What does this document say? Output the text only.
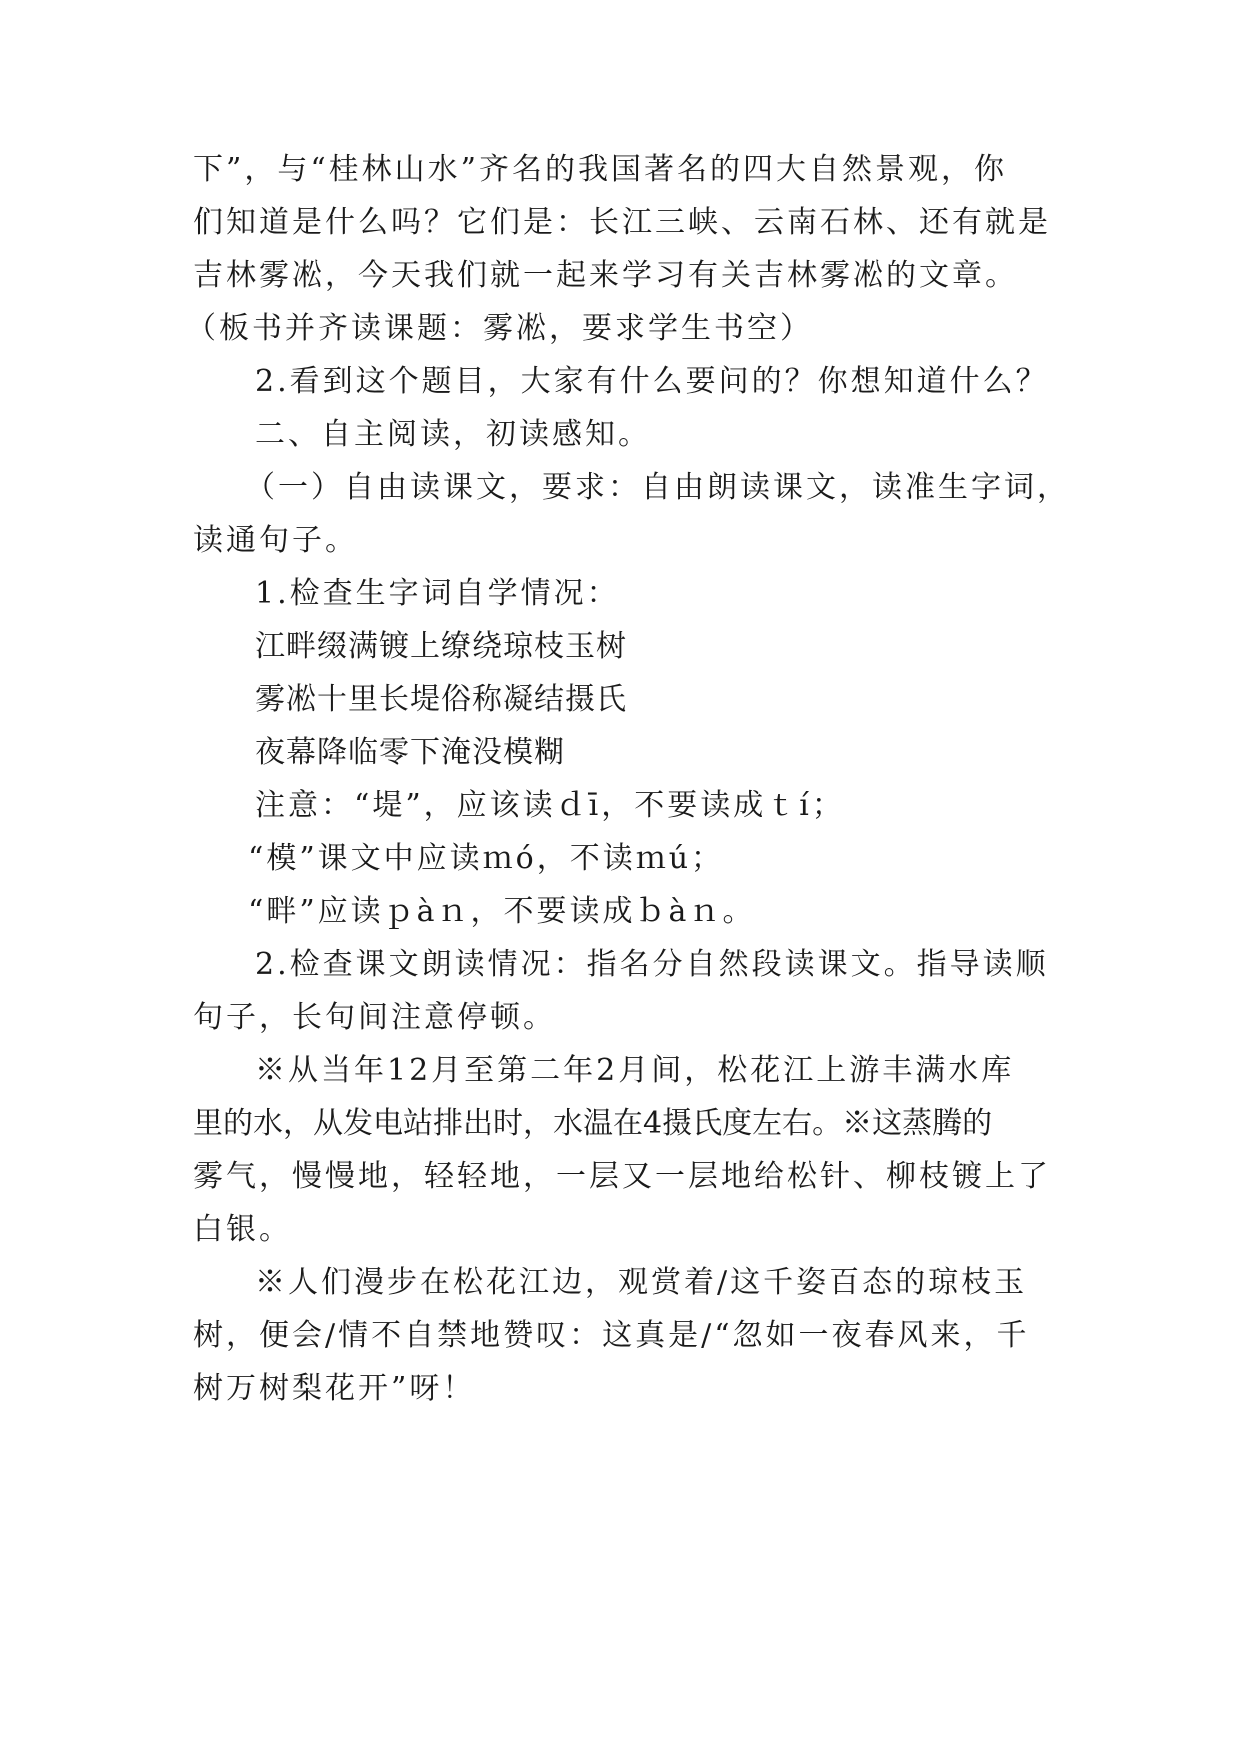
下”，与“桂林山水”齐名的我国著名的四大自然景观，你
们知道是什么吗？它们是：长江三峡、云南石林、还有就是
吉林雾凇，今天我们就一起来学习有关吉林雾凇的文章。
（板书并齐读课题：雾凇，要求学生书空）
2.看到这个题目，大家有什么要问的？你想知道什么？
二、自主阅读，初读感知。
（一）自由读课文，要求：自由朗读课文，读准生字词，
读通句子。
1.检查生字词自学情况：
江畔缀满镀上缭绕琼枝玉树
雾凇十里长堤俗称凝结摄氏
夜幕降临零下淹没模糊
注意：“堤”，应该读ｄī，不要读成ｔí；
“模”课文中应读ｍó，不读ｍú；
“畔”应读ｐàｎ，不要读成ｂàｎ。
2.检查课文朗读情况：指名分自然段读课文。指导读顺
句子，长句间注意停顿。
※从当年12月至第二年2月间，松花江上游丰满水库
里的水，从发电站排出时，水温在4摄氏度左右。※这蒸腾的
雾气，慢慢地，轻轻地，一层又一层地给松针、柳枝镀上了
白银。
※人们漫步在松花江边，观赏着/这千姿百态的琼枝玉
树，便会/情不自禁地赞叹：这真是/“忽如一夜春风来，千
树万树梨花开”呀！
